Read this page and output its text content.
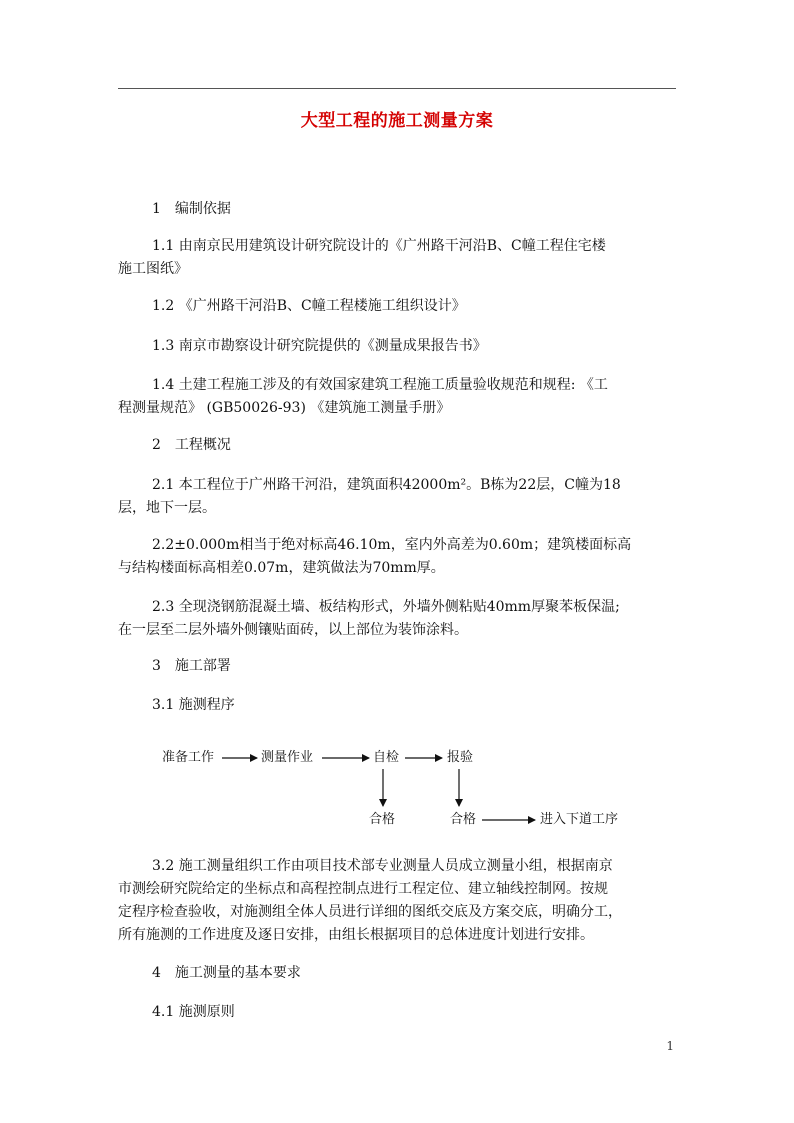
大型工程的施工测量方案

1　编制依据

1.1 由南京民用建筑设计研究院设计的《广州路干河沿B、C幢工程住宅楼

施工图纸》

1.2 《广州路干河沿B、C幢工程楼施工组织设计》

1.3 南京市勘察设计研究院提供的《测量成果报告书》

1.4 土建工程施工涉及的有效国家建筑工程施工质量验收规范和规程: 《工

程测量规范》 (GB50026-93) 《建筑施工测量手册》

2　工程概况

2.1 本工程位于广州路干河沿，建筑面积42000m²。B栋为22层，C幢为18

层，地下一层。

2.2±0.000m相当于绝对标高46.10m，室内外高差为0.60m；建筑楼面标高

与结构楼面标高相差0.07m，建筑做法为70mm厚。

2.3 全现浇钢筋混凝土墙、板结构形式，外墙外侧粘贴40mm厚聚苯板保温;

在一层至二层外墙外侧镶贴面砖，以上部位为装饰涂料。

3　施工部署

3.1 施测程序

准备工作	测量作业	自检	报验
合格	合格	进入下道工序

3.2 施工测量组织工作由项目技术部专业测量人员成立测量小组，根据南京

市测绘研究院给定的坐标点和高程控制点进行工程定位、建立轴线控制网。按规

定程序检查验收，对施测组全体人员进行详细的图纸交底及方案交底，明确分工，

所有施测的工作进度及逐日安排，由组长根据项目的总体进度计划进行安排。

4　施工测量的基本要求

4.1 施测原则

1
